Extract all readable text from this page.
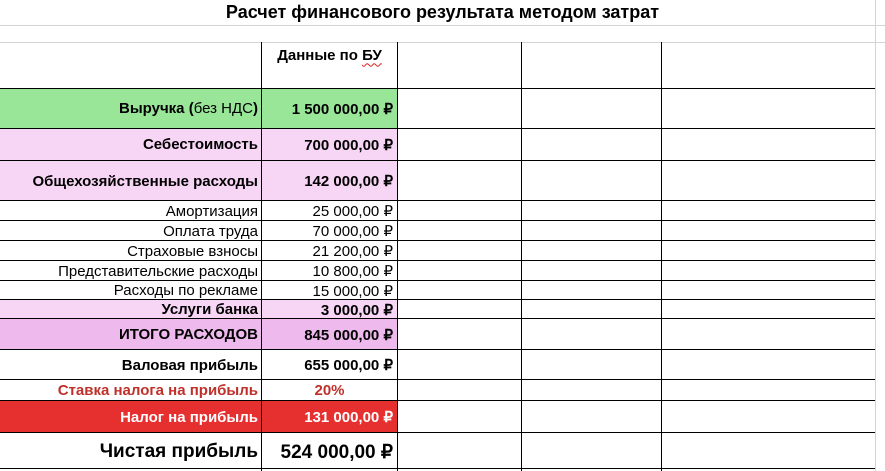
Расчет финансового результата методом затрат
Данные по
БУ
Выручка ( без НДС )	1 500 000,00 ₽
Себестоимость	700 000,00 ₽
Общехозяйственные расходы	142 000,00 ₽
Амортизация	25 000,00 ₽
Оплата труда	70 000,00 ₽
Страховые взносы	21 200,00 ₽
Представительские расходы	10 800,00 ₽
Расходы по рекламе	15 000,00 ₽
Услуги банка	3 000,00 ₽
ИТОГО РАСХОДОВ	845 000,00 ₽
Валовая прибыль	655 000,00 ₽
Ставка налога на прибыль	20%
Налог на прибыль	131 000,00 ₽
Чистая прибыль	524 000,00 ₽
